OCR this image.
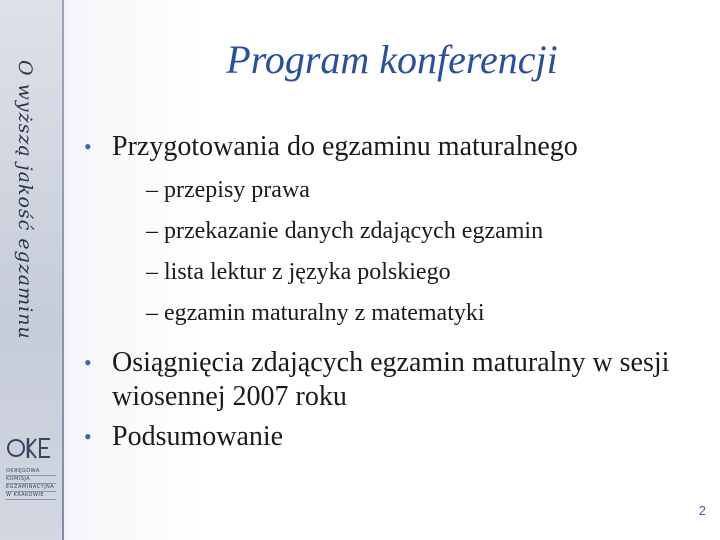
O wyższą jakość egzaminu
OKRĘGOWA
KOMISJA
EGZAMINACYJNA
W KRAKOWIE
Program konferencji
• Przygotowania do egzaminu maturalnego
– przepisy prawa
– przekazanie danych zdających egzamin
– lista lektur z języka polskiego
– egzamin maturalny z matematyki
• Osiągnięcia zdających egzamin maturalny w sesji wiosennej 2007 roku
• Podsumowanie
2
